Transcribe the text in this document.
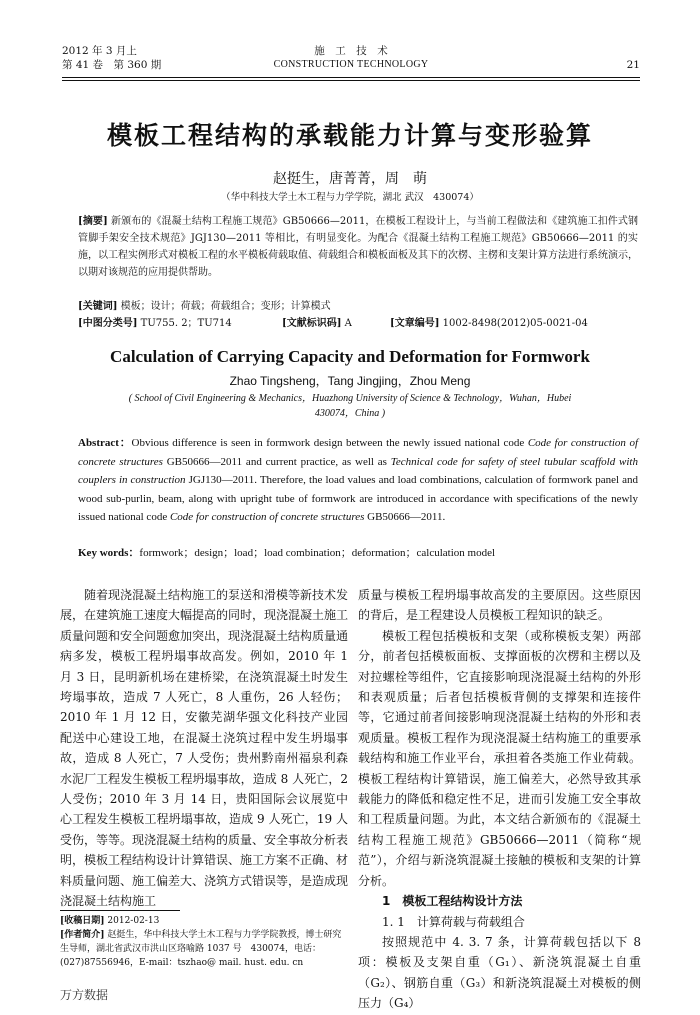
2012 年 3 月上
第 41 卷　第 360 期
施　工　技　术
CONSTRUCTION TECHNOLOGY	21
模板工程结构的承载能力计算与变形验算
赵挺生，唐菁菁，周　萌
（华中科技大学土木工程与力学学院，湖北 武汉　430074）
[摘要] 新颁布的《混凝土结构工程施工规范》GB50666—2011，在模板工程设计上，与当前工程做法和《建筑施工扣件式钢管脚手架安全技术规范》JGJ130—2011 等相比，有明显变化。为配合《混凝土结构工程施工规范》GB50666—2011 的实施，以工程实例形式对模板工程的水平模板荷载取值、荷载组合和模板面板及其下的次楞、主楞和支架计算方法进行系统演示，以期对该规范的应用提供帮助。
[关键词] 模板；设计；荷载；荷载组合；变形；计算模式
[中图分类号] TU755. 2；TU714	[文献标识码] A	[文章编号] 1002-8498(2012)05-0021-04
Calculation of Carrying Capacity and Deformation for Formwork
Zhao Tingsheng，Tang Jingjing，Zhou Meng
( School of Civil Engineering & Mechanics，Huazhong University of Science & Technology，Wuhan，Hubei　430074，China )
Abstract：Obvious difference is seen in formwork design between the newly issued national code Code for construction of concrete structures GB50666—2011 and current practice, as well as Technical code for safety of steel tubular scaffold with couplers in construction JGJ130—2011. Therefore, the load values and load combinations, calculation of formwork panel and wood sub-purlin, beam, along with upright tube of formwork are introduced in accordance with specifications of the newly issued national code Code for construction of concrete structures GB50666—2011.
Key words：formwork；design；load；load combination；deformation；calculation model

随着现浇混凝土结构施工的泵送和滑模等新技术发展，在建筑施工速度大幅提高的同时，现浇混凝土施工质量问题和安全问题愈加突出，现浇混凝土结构质量通病多发，模板工程坍塌事故高发。例如，2010 年 1 月 3 日，昆明新机场在建桥梁，在浇筑混凝土时发生垮塌事故，造成 7 人死亡，8 人重伤，26 人轻伤；2010 年 1 月 12 日，安徽芜湖华强文化科技产业园配送中心建设工地，在混凝土浇筑过程中发生坍塌事故，造成 8 人死亡，7 人受伤；贵州黔南州福泉利森水泥厂工程发生模板工程坍塌事故，造成 8 人死亡，2 人受伤；2010 年 3 月 14 日，贵阳国际会议展览中心工程发生模板工程坍塌事故，造成 9 人死亡，19 人受伤，等等。现浇混凝土结构的质量、安全事故分析表明，模板工程结构设计计算错误、施工方案不正确、材料质量问题、施工偏差大、浇筑方式错误等，是造成现浇混凝土结构施工

质量与模板工程坍塌事故高发的主要原因。这些原因的背后，是工程建设人员模板工程知识的缺乏。

模板工程包括模板和支架（或称模板支架）两部分，前者包括模板面板、支撑面板的次楞和主楞以及对拉螺栓等组件，它直接影响现浇混凝土结构的外形和表观质量；后者包括模板背侧的支撑架和连接件等，它通过前者间接影响现浇混凝土结构的外形和表观质量。模板工程作为现浇混凝土结构施工的重要承载结构和施工作业平台，承担着各类施工作业荷载。模板工程结构计算错误，施工偏差大，必然导致其承载能力的降低和稳定性不足，进而引发施工安全事故和工程质量问题。为此，本文结合新颁布的《混凝土结构工程施工规范》GB50666—2011（简称“规范”），介绍与新浇筑混凝土接触的模板和支架的计算分析。

1　模板工程结构设计方法

1. 1　计算荷载与荷载组合

按照规范中 4. 3. 7 条，计算荷载包括以下 8 项：模板及支架自重（G₁）、新浇筑混凝土自重（G₂）、钢筋自重（G₃）和新浇筑混凝土对模板的侧压力（G₄）

[收稿日期] 2012-02-13
[作者简介] 赵挺生，华中科技大学土木工程与力学学院教授，博士研究生导师，湖北省武汉市洪山区珞喻路 1037 号　430074，电话：(027)87556946，E-mail：tszhao@ mail. hust. edu. cn
万方数据
